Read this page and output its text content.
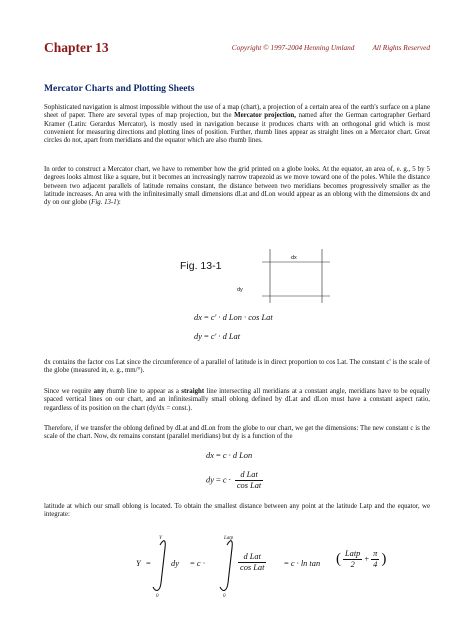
Chapter 13	Copyright © 1997-2004 Henning Umland All Rights Reserved
Mercator Charts and Plotting Sheets

Sophisticated navigation is almost impossible without the use of a map (chart), a projection of a certain area of the earth's surface on a plane sheet of paper. There are several types of map projection, but the Mercator projection, named after the German cartographer Gerhard Kramer (Latin: Gerardus Mercator), is mostly used in navigation because it produces charts with an orthogonal grid which is most convenient for measuring directions and plotting lines of position. Further, rhumb lines appear as straight lines on a Mercator chart. Great circles do not, apart from meridians and the equator which are also rhumb lines.

In order to construct a Mercator chart, we have to remember how the grid printed on a globe looks. At the equator, an area of, e. g., 5 by 5 degrees looks almost like a square, but it becomes an increasingly narrow trapezoid as we move toward one of the poles. While the distance between two adjacent parallels of latitude remains constant, the distance between two meridians becomes progressively smaller as the latitude increases. An area with the infinitesimally small dimensions dLat and dLon would appear as an oblong with the dimensions dx and dy on our globe (Fig. 13-1):

Fig. 13-1
dx
dy
dx = c' · d Lon · cos Lat
dy = c' · d Lat

dx contains the factor cos Lat since the circumference of a parallel of latitude is in direct proportion to cos Lat. The constant c' is the scale of the globe (measured in, e. g., mm/°).

Since we require any rhumb line to appear as a straight line intersecting all meridians at a constant angle, meridians have to be equally spaced vertical lines on our chart, and an infinitesimally small oblong defined by dLat and dLon must have a constant aspect ratio, regardless of its position on the chart (dy/dx = const.).

Therefore, if we transfer the oblong defined by dLat and dLon from the globe to our chart, we get the dimensions: The new constant c is the scale of the chart. Now, dx remains constant (parallel meridians) but dy is a function of the

dx = c · d Lon
dy = $c \cdot \frac{\text{d Lat}}{\text{cos Lat}}$

latitude at which our small oblong is located. To obtain the smallest distance between any point at the latitude Latp and the equator, we integrate:

Y =
Y
0
dy = c ·
Latp
0
$\frac{\text{d Lat}}{\text{cos Lat}} = c \cdot \ln \tan$ ( $\frac{\text{Latp}}{2} + \frac{\pi}{4}$ )
